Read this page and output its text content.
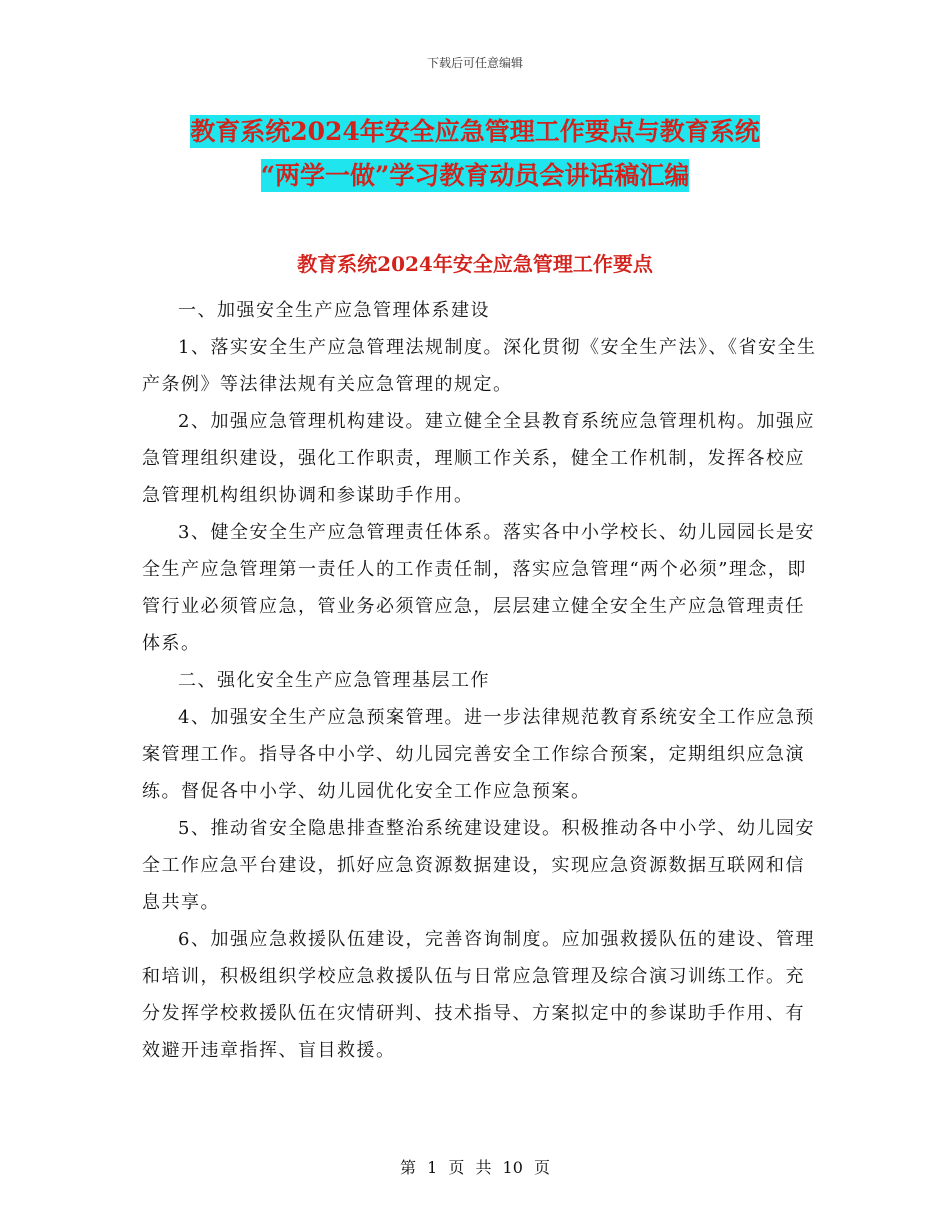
下载后可任意编辑
教育系统2024年安全应急管理工作要点与教育系统
“两学一做”学习教育动员会讲话稿汇编
教育系统2024年安全应急管理工作要点

一、加强安全生产应急管理体系建设

1、落实安全生产应急管理法规制度。深化贯彻《安全生产法》、《省安全生产条例》等法律法规有关应急管理的规定。

2、加强应急管理机构建设。建立健全全县教育系统应急管理机构。加强应急管理组织建设，强化工作职责，理顺工作关系，健全工作机制，发挥各校应急管理机构组织协调和参谋助手作用。

3、健全安全生产应急管理责任体系。落实各中小学校长、幼儿园园长是安全生产应急管理第一责任人的工作责任制，落实应急管理“两个必须”理念，即管行业必须管应急，管业务必须管应急，层层建立健全安全生产应急管理责任体系。

二、强化安全生产应急管理基层工作

4、加强安全生产应急预案管理。进一步法律规范教育系统安全工作应急预案管理工作。指导各中小学、幼儿园完善安全工作综合预案，定期组织应急演练。督促各中小学、幼儿园优化安全工作应急预案。

5、推动省安全隐患排查整治系统建设建设。积极推动各中小学、幼儿园安全工作应急平台建设，抓好应急资源数据建设，实现应急资源数据互联网和信息共享。

6、加强应急救援队伍建设，完善咨询制度。应加强救援队伍的建设、管理和培训，积极组织学校应急救援队伍与日常应急管理及综合演习训练工作。充分发挥学校救援队伍在灾情研判、技术指导、方案拟定中的参谋助手作用、有效避开违章指挥、盲目救援。

第 1 页 共 10 页
